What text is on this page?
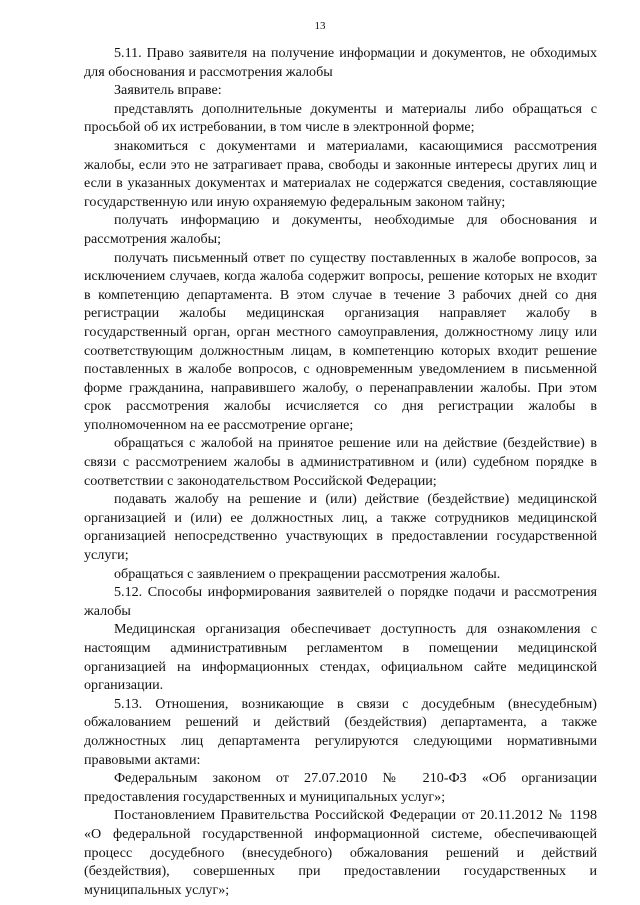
13

5.11. Право заявителя на получение информации и документов, не обходимых для обоснования и рассмотрения жалобы

Заявитель вправе:

представлять дополнительные документы и материалы либо обращаться с просьбой об их истребовании, в том числе в электронной форме;

знакомиться с документами и материалами, касающимися рассмотрения жалобы, если это не затрагивает права, свободы и законные интересы других лиц и если в указанных документах и материалах не содержатся сведения, составляющие государственную или иную охраняемую федеральным законом тайну;

получать информацию и документы, необходимые для обоснования и рассмотрения жалобы;

получать письменный ответ по существу поставленных в жалобе вопросов, за исключением случаев, когда жалоба содержит вопросы, решение которых не входит в компетенцию департамента. В этом случае в течение 3 рабочих дней со дня регистрации жалобы медицинская организация направляет жалобу в государственный орган, орган местного самоуправления, должностному лицу или соответствующим должностным лицам, в компетенцию которых входит решение поставленных в жалобе вопросов, с одновременным уведомлением в письменной форме гражданина, направившего жалобу, о перенаправлении жалобы. При этом срок рассмотрения жалобы исчисляется со дня регистрации жалобы в уполномоченном на ее рассмотрение органе;

обращаться с жалобой на принятое решение или на действие (бездействие) в связи с рассмотрением жалобы в административном и (или) судебном порядке в соответствии с законодательством Российской Федерации;

подавать жалобу на решение и (или) действие (бездействие) медицинской организацией и (или) ее должностных лиц, а также сотрудников медицинской организацией непосредственно участвующих в предоставлении государственной услуги;

обращаться с заявлением о прекращении рассмотрения жалобы.

5.12. Способы информирования заявителей о порядке подачи и рассмотрения жалобы

Медицинская организация обеспечивает доступность для ознакомления с настоящим административным регламентом в помещении медицинской организацией на информационных стендах, официальном сайте медицинской организации.

5.13. Отношения, возникающие в связи с досудебным (внесудебным) обжалованием решений и действий (бездействия) департамента, а также должностных лиц департамента регулируются следующими нормативными правовыми актами:

Федеральным законом от 27.07.2010 № 210-ФЗ «Об организации предоставления государственных и муниципальных услуг»;

Постановлением Правительства Российской Федерации от 20.11.2012 № 1198 «О федеральной государственной информационной системе, обеспечивающей процесс досудебного (внесудебного) обжалования решений и действий (бездействия), совершенных при предоставлении государственных и муниципальных услуг»;
